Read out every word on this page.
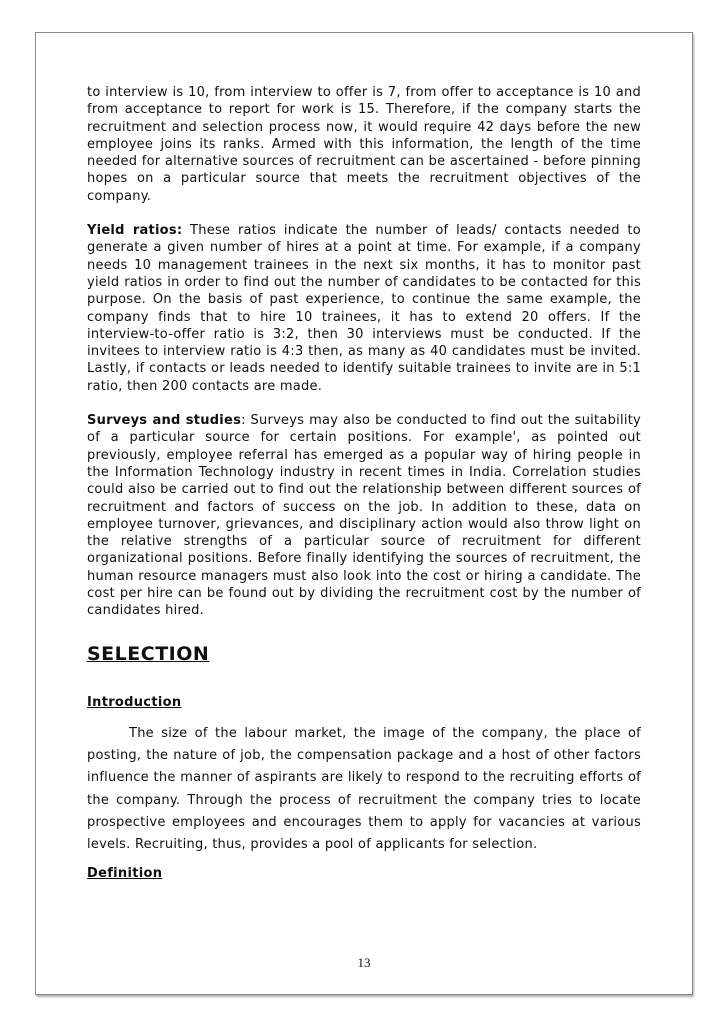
to interview is 10, from interview to offer is 7, from offer to acceptance is 10 and from acceptance to report for work is 15. Therefore, if the company starts the recruitment and selection process now, it would require 42 days before the new employee joins its ranks. Armed with this information, the length of the time needed for alternative sources of recruitment can be ascertained - before pinning hopes on a particular source that meets the recruitment objectives of the company.

Yield ratios: These ratios indicate the number of leads/ contacts needed to generate a given number of hires at a point at time. For example, if a company needs 10 management trainees in the next six months, it has to monitor past yield ratios in order to find out the number of candidates to be contacted for this purpose. On the basis of past experience, to continue the same example, the company finds that to hire 10 trainees, it has to extend 20 offers. If the interview-to-offer ratio is 3:2, then 30 interviews must be conducted. If the invitees to interview ratio is 4:3 then, as many as 40 candidates must be invited. Lastly, if contacts or leads needed to identify suitable trainees to invite are in 5:1 ratio, then 200 contacts are made.

Surveys and studies: Surveys may also be conducted to find out the suitability of a particular source for certain positions. For example', as pointed out previously, employee referral has emerged as a popular way of hiring people in the Information Technology industry in recent times in India. Correlation studies could also be carried out to find out the relationship between different sources of recruitment and factors of success on the job. In addition to these, data on employee turnover, grievances, and disciplinary action would also throw light on the relative strengths of a particular source of recruitment for different organizational positions. Before finally identifying the sources of recruitment, the human resource managers must also look into the cost or hiring a candidate. The cost per hire can be found out by dividing the recruitment cost by the number of candidates hired.

SELECTION
Introduction

The size of the labour market, the image of the company, the place of posting, the nature of job, the compensation package and a host of other factors influence the manner of aspirants are likely to respond to the recruiting efforts of the company. Through the process of recruitment the company tries to locate prospective employees and encourages them to apply for vacancies at various levels. Recruiting, thus, provides a pool of applicants for selection.

Definition
13
